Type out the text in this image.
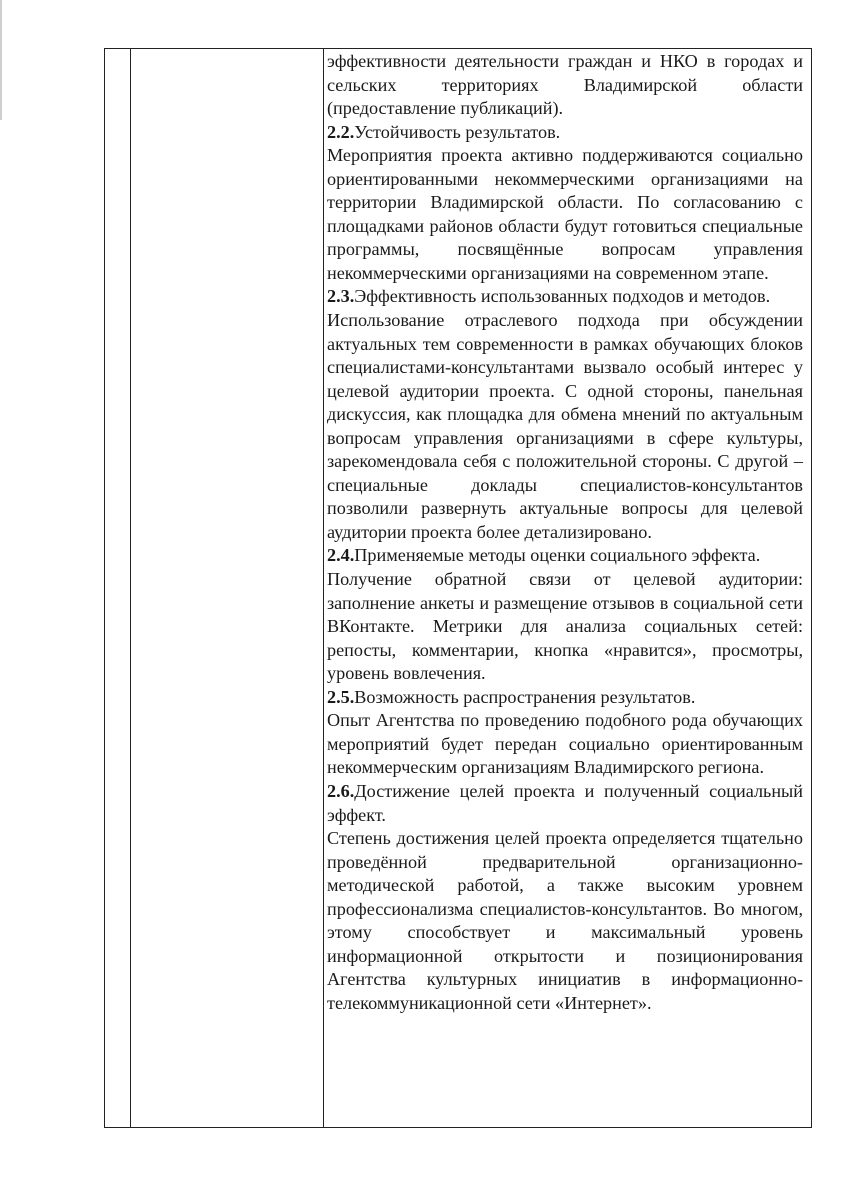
эффективности деятельности граждан и НКО в городах и сельских территориях Владимирской области (предоставление публикаций).

2.2.Устойчивость результатов.

Мероприятия проекта активно поддерживаются социально ориентированными некоммерческими организациями на территории Владимирской области. По согласованию с площадками районов области будут готовиться специальные программы, посвящённые вопросам управления некоммерческими организациями на современном этапе.

2.3.Эффективность использованных подходов и методов.

Использование отраслевого подхода при обсуждении актуальных тем современности в рамках обучающих блоков специалистами-консультантами вызвало особый интерес у целевой аудитории проекта. С одной стороны, панельная дискуссия, как площадка для обмена мнений по актуальным вопросам управления организациями в сфере культуры, зарекомендовала себя с положительной стороны. С другой – специальные доклады специалистов-консультантов позволили развернуть актуальные вопросы для целевой аудитории проекта более детализировано.

2.4.Применяемые методы оценки социального эффекта.

Получение обратной связи от целевой аудитории: заполнение анкеты и размещение отзывов в социальной сети ВКонтакте. Метрики для анализа социальных сетей: репосты, комментарии, кнопка «нравится», просмотры, уровень вовлечения.

2.5.Возможность распространения результатов.

Опыт Агентства по проведению подобного рода обучающих мероприятий будет передан социально ориентированным некоммерческим организациям Владимирского региона.

2.6.Достижение целей проекта и полученный социальный эффект.

Степень достижения целей проекта определяется тщательно проведённой предварительной организационно-методической работой, а также высоким уровнем профессионализма специалистов-консультантов. Во многом, этому способствует и максимальный уровень информационной открытости и позиционирования Агентства культурных инициатив в информационно-телекоммуникационной сети «Интернет».
